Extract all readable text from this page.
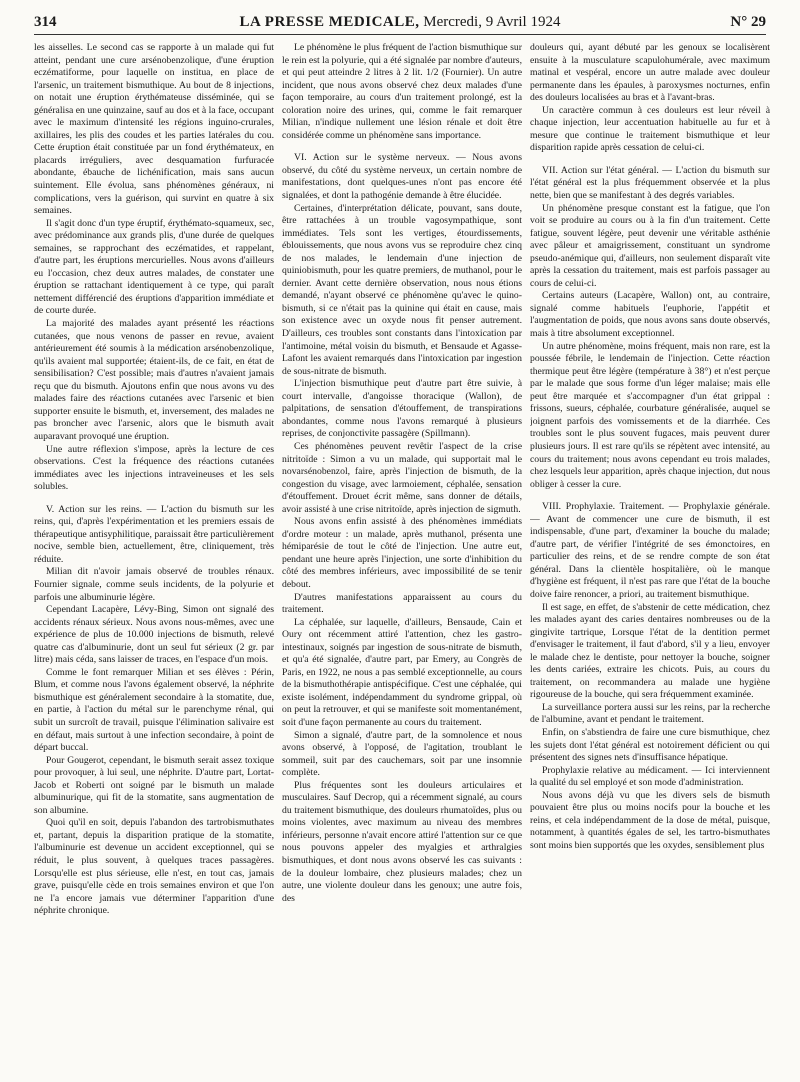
314	LA PRESSE MEDICALE, Mercredi, 9 Avril 1924	N° 29

les aisselles. Le second cas se rapporte à un malade qui fut atteint, pendant une cure arsénobenzolique, d'une éruption eczématiforme, pour laquelle on institua, en place de l'arsenic, un traitement bismuthique. Au bout de 8 injections, on notait une éruption érythémateuse disséminée, qui se généralisa en une quinzaine, sauf au dos et à la face, occupant avec le maximum d'intensité les régions inguino-crurales, axillaires, les plis des coudes et les parties latérales du cou. Cette éruption était constituée par un fond érythémateux, en placards irréguliers, avec desquamation furfuracée abondante, ébauche de lichénification, mais sans aucun suintement. Elle évolua, sans phénomènes généraux, ni complications, vers la guérison, qui survint en quatre à six semaines.

Il s'agit donc d'un type éruptif, érythémato-squameux, sec, avec prédominance aux grands plis, d'une durée de quelques semaines, se rapprochant des eczématides, et rappelant, d'autre part, les éruptions mercurielles. Nous avons d'ailleurs eu l'occasion, chez deux autres malades, de constater une éruption se rattachant identiquement à ce type, qui paraît nettement différencié des éruptions d'apparition immédiate et de courte durée.

La majorité des malades ayant présenté les réactions cutanées, que nous venons de passer en revue, avaient antérieurement été soumis à la médication arsénobenzolique, qu'ils avaient mal supportée; étaient-ils, de ce fait, en état de sensibilisation? C'est possible; mais d'autres n'avaient jamais reçu que du bismuth. Ajoutons enfin que nous avons vu des malades faire des réactions cutanées avec l'arsenic et bien supporter ensuite le bismuth, et, inversement, des malades ne pas broncher avec l'arsenic, alors que le bismuth avait auparavant provoqué une éruption.

Une autre réflexion s'impose, après la lecture de ces observations. C'est la fréquence des réactions cutanées immédiates avec les injections intraveineuses et les sels solubles.

V. Action sur les reins. — L'action du bismuth sur les reins, qui, d'après l'expérimentation et les premiers essais de thérapeutique antisyphilitique, paraissait être particulièrement nocive, semble bien, actuellement, être, cliniquement, très réduite.

Milian dit n'avoir jamais observé de troubles rénaux. Fournier signale, comme seuls incidents, de la polyurie et parfois une albuminurie légère.

Cependant Lacapère, Lévy-Bing, Simon ont signalé des accidents rénaux sérieux. Nous avons nous-mêmes, avec une expérience de plus de 10.000 injections de bismuth, relevé quatre cas d'albuminurie, dont un seul fut sérieux (2 gr. par litre) mais céda, sans laisser de traces, en l'espace d'un mois.

Comme le font remarquer Milian et ses élèves : Périn, Blum, et comme nous l'avons également observé, la néphrite bismuthique est généralement secondaire à la stomatite, due, en partie, à l'action du métal sur le parenchyme rénal, qui subit un surcroît de travail, puisque l'élimination salivaire est en défaut, mais surtout à une infection secondaire, à point de départ buccal.

Pour Gougerot, cependant, le bismuth serait assez toxique pour provoquer, à lui seul, une néphrite. D'autre part, Lortat-Jacob et Roberti ont soigné par le bismuth un malade albuminurique, qui fit de la stomatite, sans augmentation de son albumine.

Quoi qu'il en soit, depuis l'abandon des tartrobismuthates et, partant, depuis la disparition pratique de la stomatite, l'albuminurie est devenue un accident exceptionnel, qui se réduit, le plus souvent, à quelques traces passagères. Lorsqu'elle est plus sérieuse, elle n'est, en tout cas, jamais grave, puisqu'elle cède en trois semaines environ et que l'on ne l'a encore jamais vue déterminer l'apparition d'une néphrite chronique.

Le phénomène le plus fréquent de l'action bismuthique sur le rein est la polyurie, qui a été signalée par nombre d'auteurs, et qui peut atteindre 2 litres à 2 lit. 1/2 (Fournier). Un autre incident, que nous avons observé chez deux malades d'une façon temporaire, au cours d'un traitement prolongé, est la coloration noire des urines, qui, comme le fait remarquer Milian, n'indique nullement une lésion rénale et doit être considérée comme un phénomène sans importance.

VI. Action sur le système nerveux. — Nous avons observé, du côté du système nerveux, un certain nombre de manifestations, dont quelques-unes n'ont pas encore été signalées, et dont la pathogénie demande à être élucidée.

Certaines, d'interprétation délicate, pouvant, sans doute, être rattachées à un trouble vagosympathique, sont immédiates. Tels sont les vertiges, étourdissements, éblouissements, que nous avons vus se reproduire chez cinq de nos malades, le lendemain d'une injection de quiniobismuth, pour les quatre premiers, de muthanol, pour le dernier. Avant cette dernière observation, nous nous étions demandé, n'ayant observé ce phénomène qu'avec le quino-bismuth, si ce n'était pas la quinine qui était en cause, mais son existence avec un oxyde nous fit penser autrement. D'ailleurs, ces troubles sont constants dans l'intoxication par l'antimoine, métal voisin du bismuth, et Bensaude et Agasse-Lafont les avaient remarqués dans l'intoxication par ingestion de sous-nitrate de bismuth.

L'injection bismuthique peut d'autre part être suivie, à court intervalle, d'angoisse thoracique (Wallon), de palpitations, de sensation d'étouffement, de transpirations abondantes, comme nous l'avons remarqué à plusieurs reprises, de conjonctivite passagère (Spillmann).

Ces phénomènes peuvent revêtir l'aspect de la crise nitritoïde : Simon a vu un malade, qui supportait mal le novarsénobenzol, faire, après l'injection de bismuth, de la congestion du visage, avec larmoiement, céphalée, sensation d'étouffement. Drouet écrit même, sans donner de détails, avoir assisté à une crise nitritoïde, après injection de sigmuth.

Nous avons enfin assisté à des phénomènes immédiats d'ordre moteur : un malade, après muthanol, présenta une hémiparésie de tout le côté de l'injection. Une autre eut, pendant une heure après l'injection, une sorte d'inhibition du côté des membres inférieurs, avec impossibilité de se tenir debout.

D'autres manifestations apparaissent au cours du traitement.

La céphalée, sur laquelle, d'ailleurs, Bensaude, Cain et Oury ont récemment attiré l'attention, chez les gastro-intestinaux, soignés par ingestion de sous-nitrate de bismuth, et qu'a été signalée, d'autre part, par Emery, au Congrès de Paris, en 1922, ne nous a pas semblé exceptionnelle, au cours de la bismuthothérapie antispécifique. C'est une céphalée, qui existe isolément, indépendamment du syndrome grippal, où on peut la retrouver, et qui se manifeste soit momentanément, soit d'une façon permanente au cours du traitement.

Simon a signalé, d'autre part, de la somnolence et nous avons observé, à l'opposé, de l'agitation, troublant le sommeil, suit par des cauchemars, soit par une insomnie complète.

Plus fréquentes sont les douleurs articulaires et musculaires. Sauf Decrop, qui a récemment signalé, au cours du traitement bismuthique, des douleurs rhumatoïdes, plus ou moins violentes, avec maximum au niveau des membres inférieurs, personne n'avait encore attiré l'attention sur ce que nous pouvons appeler des myalgies et arthralgies bismuthiques, et dont nous avons observé les cas suivants : de la douleur lombaire, chez plusieurs malades; chez un autre, une violente douleur dans les genoux; une autre fois, des

douleurs qui, ayant débuté par les genoux se localisèrent ensuite à la musculature scapulohumérale, avec maximum matinal et vespéral, encore un autre malade avec douleur permanente dans les épaules, à paroxysmes nocturnes, enfin des douleurs localisées au bras et à l'avant-bras.

Un caractère commun à ces douleurs est leur réveil à chaque injection, leur accentuation habituelle au fur et à mesure que continue le traitement bismuthique et leur disparition rapide après cessation de celui-ci.

VII. Action sur l'état général. — L'action du bismuth sur l'état général est la plus fréquemment observée et la plus nette, bien que se manifestant à des degrés variables.

Un phénomène presque constant est la fatigue, que l'on voit se produire au cours ou à la fin d'un traitement. Cette fatigue, souvent légère, peut devenir une véritable asthénie avec pâleur et amaigrissement, constituant un syndrome pseudo-anémique qui, d'ailleurs, non seulement disparaît vite après la cessation du traitement, mais est parfois passager au cours de celui-ci.

Certains auteurs (Lacapère, Wallon) ont, au contraire, signalé comme habituels l'euphorie, l'appétit et l'augmentation de poids, que nous avons sans doute observés, mais à titre absolument exceptionnel.

Un autre phénomène, moins fréquent, mais non rare, est la poussée fébrile, le lendemain de l'injection. Cette réaction thermique peut être légère (température à 38°) et n'est perçue par le malade que sous forme d'un léger malaise; mais elle peut être marquée et s'accompagner d'un état grippal : frissons, sueurs, céphalée, courbature généralisée, auquel se joignent parfois des vomissements et de la diarrhée. Ces troubles sont le plus souvent fugaces, mais peuvent durer plusieurs jours. Il est rare qu'ils se répètent avec intensité, au cours du traitement; nous avons cependant eu trois malades, chez lesquels leur apparition, après chaque injection, dut nous obliger à cesser la cure.

VIII. Prophylaxie. Traitement. — Prophylaxie générale. — Avant de commencer une cure de bismuth, il est indispensable, d'une part, d'examiner la bouche du malade; d'autre part, de vérifier l'intégrité de ses émonctoires, en particulier des reins, et de se rendre compte de son état général. Dans la clientèle hospitalière, où le manque d'hygiène est fréquent, il n'est pas rare que l'état de la bouche doive faire renoncer, a priori, au traitement bismuthique.

Il est sage, en effet, de s'abstenir de cette médication, chez les malades ayant des caries dentaires nombreuses ou de la gingivite tartrique, Lorsque l'état de la dentition permet d'envisager le traitement, il faut d'abord, s'il y a lieu, envoyer le malade chez le dentiste, pour nettoyer la bouche, soigner les dents cariées, extraire les chicots. Puis, au cours du traitement, on recommandera au malade une hygiène rigoureuse de la bouche, qui sera fréquemment examinée.

La surveillance portera aussi sur les reins, par la recherche de l'albumine, avant et pendant le traitement.

Enfin, on s'abstiendra de faire une cure bismuthique, chez les sujets dont l'état général est notoirement déficient ou qui présentent des signes nets d'insuffisance hépatique.

Prophylaxie relative au médicament. — Ici interviennent la qualité du sel employé et son mode d'administration.

Nous avons déjà vu que les divers sels de bismuth pouvaient être plus ou moins nocifs pour la bouche et les reins, et cela indépendamment de la dose de métal, puisque, notamment, à quantités égales de sel, les tartro-bismuthates sont moins bien supportés que les oxydes, sensiblement plus
